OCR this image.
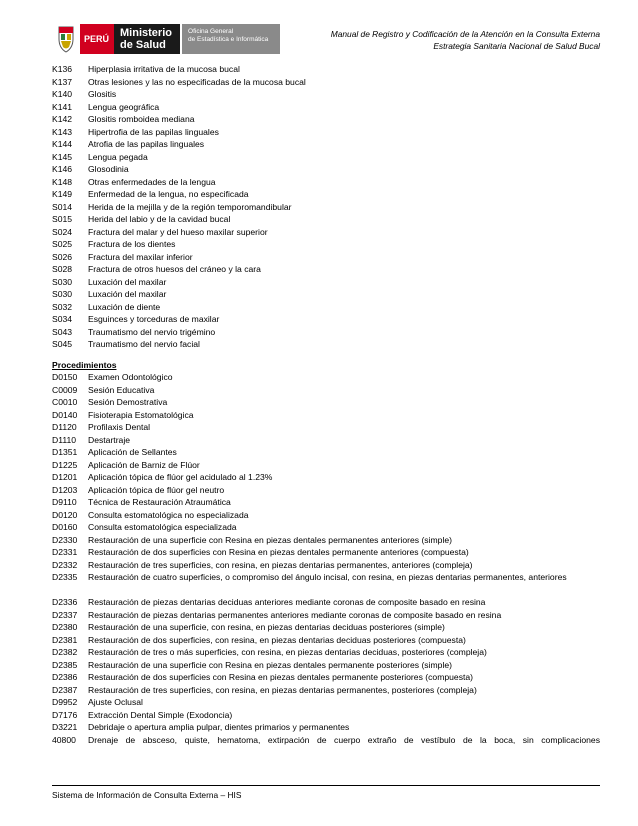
PERÚ	Ministerio
de Salud
Oficina General
de Estadística e Informática
Manual de Registro y Codificación de la Atención en la Consulta Externa
Estrategia Sanitaria Nacional de Salud Bucal
K136	Hiperplasia irritativa de la mucosa bucal
K137	Otras lesiones y las no especificadas de la mucosa bucal
K140	Glositis
K141	Lengua geográfica
K142	Glositis romboidea mediana
K143	Hipertrofia de las papilas linguales
K144	Atrofia de las papilas linguales
K145	Lengua pegada
K146	Glosodinia
K148	Otras enfermedades de la lengua
K149	Enfermedad de la lengua, no especificada
S014	Herida de la mejilla y de la región temporomandibular
S015	Herida del labio y de la cavidad bucal
S024	Fractura del malar y del hueso maxilar superior
S025	Fractura de los dientes
S026	Fractura del maxilar inferior
S028	Fractura de otros huesos del cráneo y la cara
S030	Luxación del maxilar
S030	Luxación del maxilar
S032	Luxación de diente
S034	Esguinces y torceduras de maxilar
S043	Traumatismo del nervio trigémino
S045	Traumatismo del nervio facial
Procedimientos
D0150	Examen Odontológico
C0009	Sesión Educativa
C0010	Sesión Demostrativa
D0140	Fisioterapia Estomatológica
D1120	Profilaxis Dental
D1110	Destartraje
D1351	Aplicación de Sellantes
D1225	Aplicación de Barniz de Flúor
D1201	Aplicación tópica de flúor gel acidulado al 1.23%
D1203	Aplicación tópica de flúor gel neutro
D9110	Técnica de Restauración Atraumática
D0120	Consulta estomatológica no especializada
D0160	Consulta estomatológica especializada
D2330	Restauración de una superficie con Resina en piezas dentales permanentes anteriores (simple)
D2331	Restauración de dos superficies con Resina en piezas dentales permanente anteriores (compuesta)
D2332	Restauración de tres superficies, con resina, en piezas dentarias permanentes, anteriores (compleja)
D2335	Restauración de cuatro superficies, o compromiso del ángulo incisal, con resina, en piezas dentarias permanentes, anteriores
D2336	Restauración de piezas dentarias deciduas anteriores mediante coronas de composite basado en resina
D2337	Restauración de piezas dentarias permanentes anteriores mediante coronas de composite basado en resina
D2380	Restauración de una superficie, con resina, en piezas dentarias deciduas posteriores (simple)
D2381	Restauración de dos superficies, con resina, en piezas dentarias deciduas posteriores (compuesta)
D2382	Restauración de tres o más superficies, con resina, en piezas dentarias deciduas, posteriores (compleja)
D2385	Restauración de una superficie con Resina en piezas dentales permanente posteriores (simple)
D2386	Restauración de dos superficies con Resina en piezas dentales permanente posteriores (compuesta)
D2387	Restauración de tres superficies, con resina, en piezas dentarias permanentes, posteriores (compleja)
D9952	Ajuste Oclusal
D7176	Extracción Dental Simple (Exodoncia)
D3221	Debridaje o apertura amplia pulpar, dientes primarios y permanentes
40800	Drenaje de absceso, quiste, hematoma, extirpación de cuerpo extraño de vestíbulo de la boca, sin complicaciones
Sistema de Información de Consulta Externa – HIS
